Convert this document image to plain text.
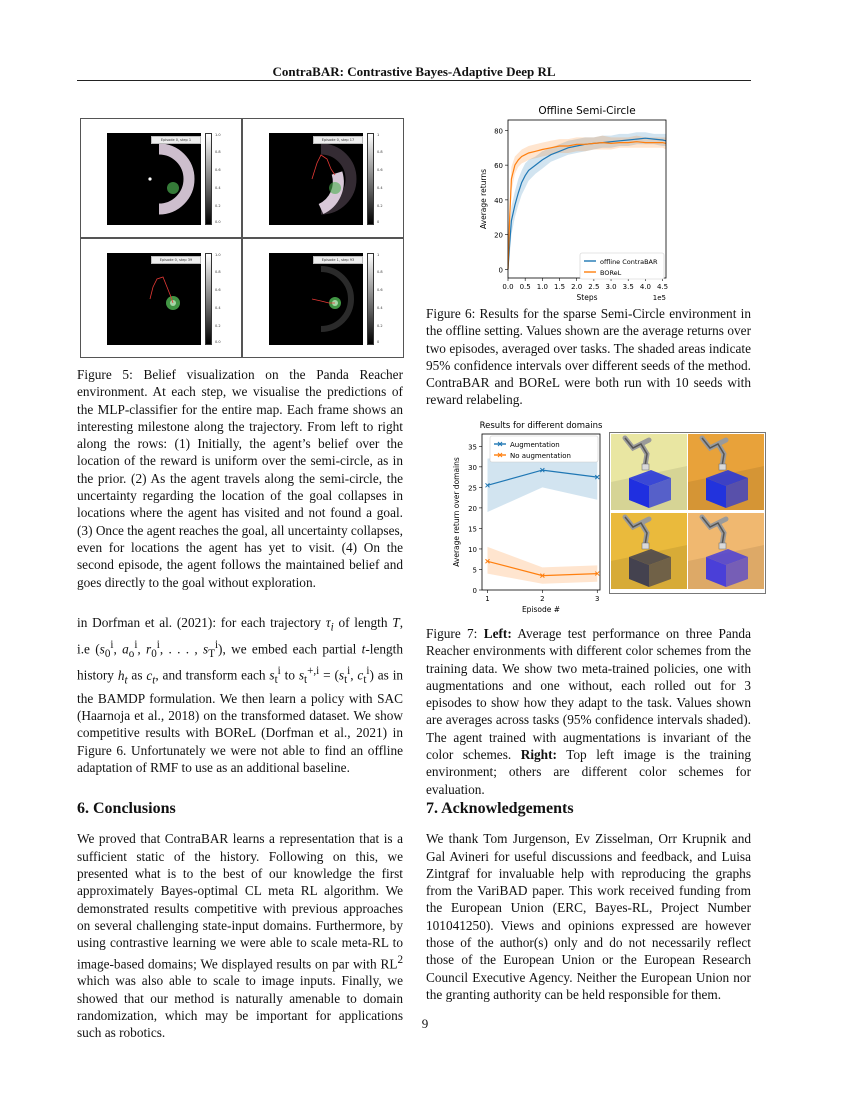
ContraBAR: Contrastive Bayes-Adaptive Deep RL
Episode 0, step 1
1.0
0.8
0.6
0.4
0.2
0.0
Episode 0, step 17
1
0.8
0.6
0.4
0.2
0
Episode 0, step 39
1.0
0.8
0.6
0.4
0.2
0.0
Episode 1, step 93
1
0.8
0.6
0.4
0.2
0

Figure 5: Belief visualization on the Panda Reacher environment. At each step, we visualise the predictions of the MLP-classifier for the entire map. Each frame shows an interesting milestone along the trajectory. From left to right along the rows: (1) Initially, the agent’s belief over the location of the reward is uniform over the semi-circle, as in the prior. (2) As the agent travels along the semi-circle, the uncertainty regarding the location of the goal collapses in locations where the agent has visited and not found a goal. (3) Once the agent reaches the goal, all uncertainty collapses, even for locations the agent has yet to visit. (4) On the second episode, the agent follows the maintained belief and goes directly to the goal without exploration.

in Dorfman et al. (2021): for each trajectory $\tau_i$ of length T, i.e ($s_0^i$, $a_o^i$, $r_0^i$, . . . , $s_T^i$), we embed each partial t-length history $h_t$ as $c_t$, and transform each $s_t^i$ to $s_t^{+,i} = (s_t^i$, $c_t^i$) as in the BAMDP formulation. We then learn a policy with SAC (Haarnoja et al., 2018) on the transformed dataset. We show competitive results with BOReL (Dorfman et al., 2021) in Figure 6. Unfortunately we were not able to find an offline adaptation of RMF to use as an additional baseline.

6. Conclusions

We proved that ContraBAR learns a representation that is a sufficient static of the history. Following on this, we presented what is to the best of our knowledge the first approximately Bayes-optimal CL meta RL algorithm. We demonstrated results competitive with previous approaches on several challenging state-input domains. Furthermore, by using contrastive learning we were able to scale meta-RL to image-based domains; We displayed results on par with $RL^2$ which was also able to scale to image inputs. Finally, we showed that our method is naturally amenable to domain randomization, which may be important for applications such as robotics.

Offline Semi-Circle
0.0 0.5 1.0 1.5 2.0 2.5 3.0 3.5 4.0 4.5
0
20
40
60
80
Steps
Average returns
1e5
offline ContraBAR
BOReL

Figure 6: Results for the sparse Semi-Circle environment in the offline setting. Values shown are the average returns over two episodes, averaged over tasks. The shaded areas indicate 95% confidence intervals over different seeds of the method. ContraBAR and BOReL were both run with 10 seeds with reward relabeling.

Results for different domains
1	2	3
0
5
10
15
20
25
30
35
Episode #
Average return over domains
Augmentation
No augmentation

Figure 7: Left: Average test performance on three Panda Reacher environments with different color schemes from the training data. We show two meta-trained policies, one with augmentations and one without, each rolled out for 3 episodes to show how they adapt to the task. Values shown are averages across tasks (95% confidence intervals shaded). The agent trained with augmentations is invariant of the color schemes. Right: Top left image is the training environment; others are different color schemes for evaluation.

7. Acknowledgements

We thank Tom Jurgenson, Ev Zisselman, Orr Krupnik and Gal Avineri for useful discussions and feedback, and Luisa Zintgraf for invaluable help with reproducing the graphs from the VariBAD paper. This work received funding from the European Union (ERC, Bayes-RL, Project Number 101041250). Views and opinions expressed are however those of the author(s) only and do not necessarily reflect those of the European Union or the European Research Council Executive Agency. Neither the European Union nor the granting authority can be held responsible for them.

9
